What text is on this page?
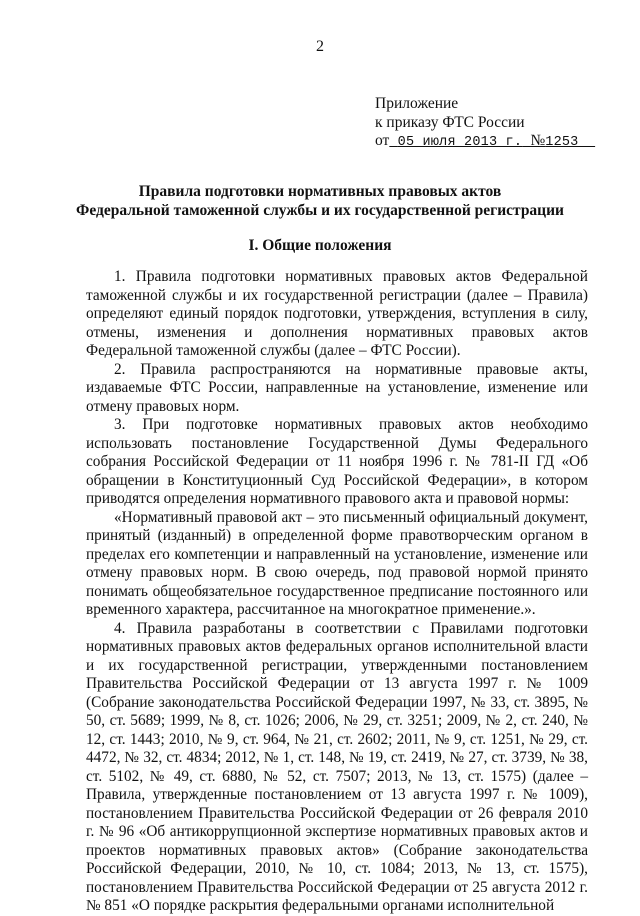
2
Приложение
к приказу ФТС России
от 05 июля 2013 г. №1253
Правила подготовки нормативных правовых актов
Федеральной таможенной службы и их государственной регистрации
I. Общие положения

1. Правила подготовки нормативных правовых актов Федеральной таможенной службы и их государственной регистрации (далее – Правила) определяют единый порядок подготовки, утверждения, вступления в силу, отмены, изменения и дополнения нормативных правовых актов Федеральной таможенной службы (далее – ФТС России).

2. Правила распространяются на нормативные правовые акты, издаваемые ФТС России, направленные на установление, изменение или отмену правовых норм.

3. При подготовке нормативных правовых актов необходимо использовать постановление Государственной Думы Федерального собрания Российской Федерации от 11 ноября 1996 г. № 781-II ГД «Об обращении в Конституционный Суд Российской Федерации», в котором приводятся определения нормативного правового акта и правовой нормы:

«Нормативный правовой акт – это письменный официальный документ, принятый (изданный) в определенной форме правотворческим органом в пределах его компетенции и направленный на установление, изменение или отмену правовых норм. В свою очередь, под правовой нормой принято понимать общеобязательное государственное предписание постоянного или временного характера, рассчитанное на многократное применение.».

4. Правила разработаны в соответствии с Правилами подготовки нормативных правовых актов федеральных органов исполнительной власти и их государственной регистрации, утвержденными постановлением Правительства Российской Федерации от 13 августа 1997 г. № 1009 (Собрание законодательства Российской Федерации 1997, № 33, ст. 3895, № 50, ст. 5689; 1999, № 8, ст. 1026; 2006, № 29, ст. 3251; 2009, № 2, ст. 240, № 12, ст. 1443; 2010, № 9, ст. 964, № 21, ст. 2602; 2011, № 9, ст. 1251, № 29, ст. 4472, № 32, ст. 4834; 2012, № 1, ст. 148, № 19, ст. 2419, № 27, ст. 3739, № 38, ст. 5102, № 49, ст. 6880, № 52, ст. 7507; 2013, № 13, ст. 1575) (далее – Правила, утвержденные постановлением от 13 августа 1997 г. № 1009), постановлением Правительства Российской Федерации от 26 февраля 2010 г. № 96 «Об антикоррупционной экспертизе нормативных правовых актов и проектов нормативных правовых актов» (Собрание законодательства Российской Федерации, 2010, № 10, ст. 1084; 2013, № 13, ст. 1575), постановлением Правительства Российской Федерации от 25 августа 2012 г. № 851 «О порядке раскрытия федеральными органами исполнительной
